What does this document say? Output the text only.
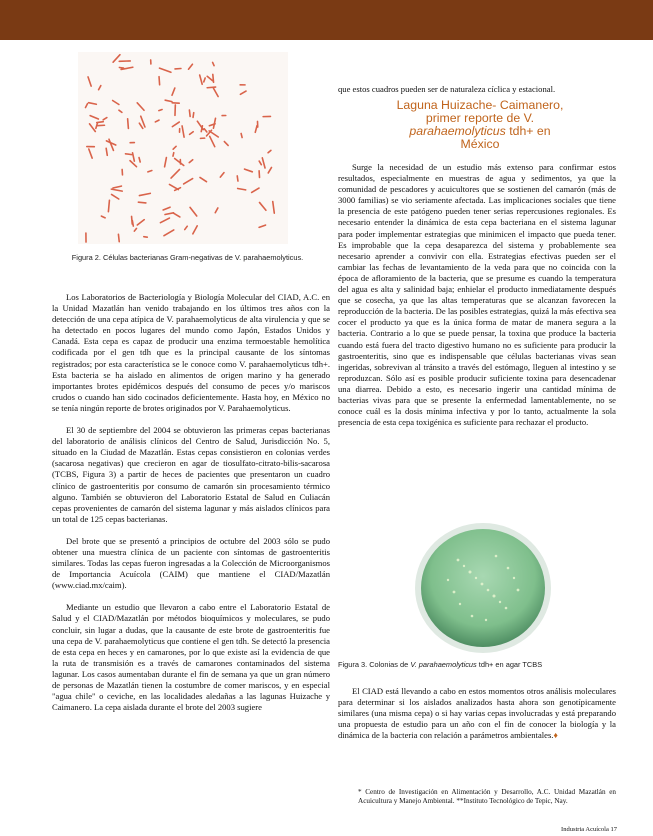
Figura 2. Células bacterianas Gram-negativas de V. parahaemolyticus.
que estos cuadros pueden ser de naturaleza cíclica y estacional.
Laguna Huizache- Caimanero,
primer reporte de V.
parahaemolyticus tdh+ en
México

Los Laboratorios de Bacteriología y Biología Molecular del CIAD, A.C. en la Unidad Mazatlán han venido trabajando en los últimos tres años con la detección de una cepa atípica de V. parahaemolyticus de alta virulencia y que se ha detectado en pocos lugares del mundo como Japón, Estados Unidos y Canadá. Esta cepa es capaz de producir una enzima termoestable hemolítica codificada por el gen tdh que es la principal causante de los síntomas registrados; por esta característica se le conoce como V. parahaemolyticus tdh+. Esta bacteria se ha aislado en alimentos de origen marino y ha generado importantes brotes epidémicos después del consumo de peces y/o mariscos crudos o cuando han sido cocinados deficientemente. Hasta hoy, en México no se tenía ningún reporte de brotes originados por V. Parahaemolyticus.

El 30 de septiembre del 2004 se obtuvieron las primeras cepas bacterianas del laboratorio de análisis clínicos del Centro de Salud, Jurisdicción No. 5, situado en la Ciudad de Mazatlán. Estas cepas consistieron en colonias verdes (sacarosa negativas) que crecieron en agar de tiosulfato-citrato-bilis-sacarosa (TCBS, Figura 3) a partir de heces de pacientes que presentaron un cuadro clínico de gastroenteritis por consumo de camarón sin procesamiento térmico alguno. También se obtuvieron del Laboratorio Estatal de Salud en Culiacán cepas provenientes de camarón del sistema lagunar y más aislados clínicos para un total de 125 cepas bacterianas.

Del brote que se presentó a principios de octubre del 2003 sólo se pudo obtener una muestra clínica de un paciente con síntomas de gastroenteritis similares. Todas las cepas fueron ingresadas a la Colección de Microorganismos de Importancia Acuícola (CAIM) que mantiene el CIAD/Mazatlán (www.ciad.mx/caim).

Mediante un estudio que llevaron a cabo entre el Laboratorio Estatal de Salud y el CIAD/Mazatlán por métodos bioquímicos y moleculares, se pudo concluir, sin lugar a dudas, que la causante de este brote de gastroenteritis fue una cepa de V. parahaemolyticus que contiene el gen tdh. Se detectó la presencia de esta cepa en heces y en camarones, por lo que existe así la evidencia de que la ruta de transmisión es a través de camarones contaminados del sistema lagunar. Los casos aumentaban durante el fin de semana ya que un gran número de personas de Mazatlán tienen la costumbre de comer mariscos, y en especial "agua chile" o ceviche, en las localidades aledañas a las lagunas Huizache y Caimanero. La cepa aislada durante el brote del 2003 sugiere

Surge la necesidad de un estudio más extenso para confirmar estos resultados, especialmente en muestras de agua y sedimentos, ya que la comunidad de pescadores y acuicultores que se sostienen del camarón (más de 3000 familias) se vio seriamente afectada. Las implicaciones sociales que tiene la presencia de este patógeno pueden tener serias repercusiones regionales. Es necesario entender la dinámica de esta cepa bacteriana en el sistema lagunar para poder implementar estrategias que minimicen el impacto que pueda tener. Es improbable que la cepa desaparezca del sistema y probablemente sea necesario aprender a convivir con ella. Estrategias efectivas pueden ser el cambiar las fechas de levantamiento de la veda para que no coincida con la época de afloramiento de la bacteria, que se presume es cuando la temperatura del agua es alta y salinidad baja; enhielar el producto inmediatamente después que se cosecha, ya que las altas temperaturas que se alcanzan favorecen la reproducción de la bacteria. De las posibles estrategias, quizá la más efectiva sea cocer el producto ya que es la única forma de matar de manera segura a la bacteria. Contrario a lo que se puede pensar, la toxina que produce la bacteria cuando está fuera del tracto digestivo humano no es suficiente para producir la gastroenteritis, sino que es indispensable que células bacterianas vivas sean ingeridas, sobrevivan al tránsito a través del estómago, lleguen al intestino y se reproduzcan. Sólo así es posible producir suficiente toxina para desencadenar una diarrea. Debido a esto, es necesario ingerir una cantidad mínima de bacterias vivas para que se presente la enfermedad lamentablemente, no se conoce cuál es la dosis mínima infectiva y por lo tanto, actualmente la sola presencia de esta cepa toxigénica es suficiente para rechazar el producto.

Figura 3. Colonias de V. parahaemolyticus tdh+ en agar TCBS

El CIAD está llevando a cabo en estos momentos otros análisis moleculares para determinar si los aislados analizados hasta ahora son genotípicamente similares (una misma cepa) o si hay varias cepas involucradas y está preparando una propuesta de estudio para un año con el fin de conocer la biología y la dinámica de la bacteria con relación a parámetros ambientales.♦

* Centro de Investigación en Alimentación y Desarrollo, A.C. Unidad Mazatlán en Acuicultura y Manejo Ambiental. **Instituto Tecnológico de Tepic, Nay.
Industria Acuícola 17
